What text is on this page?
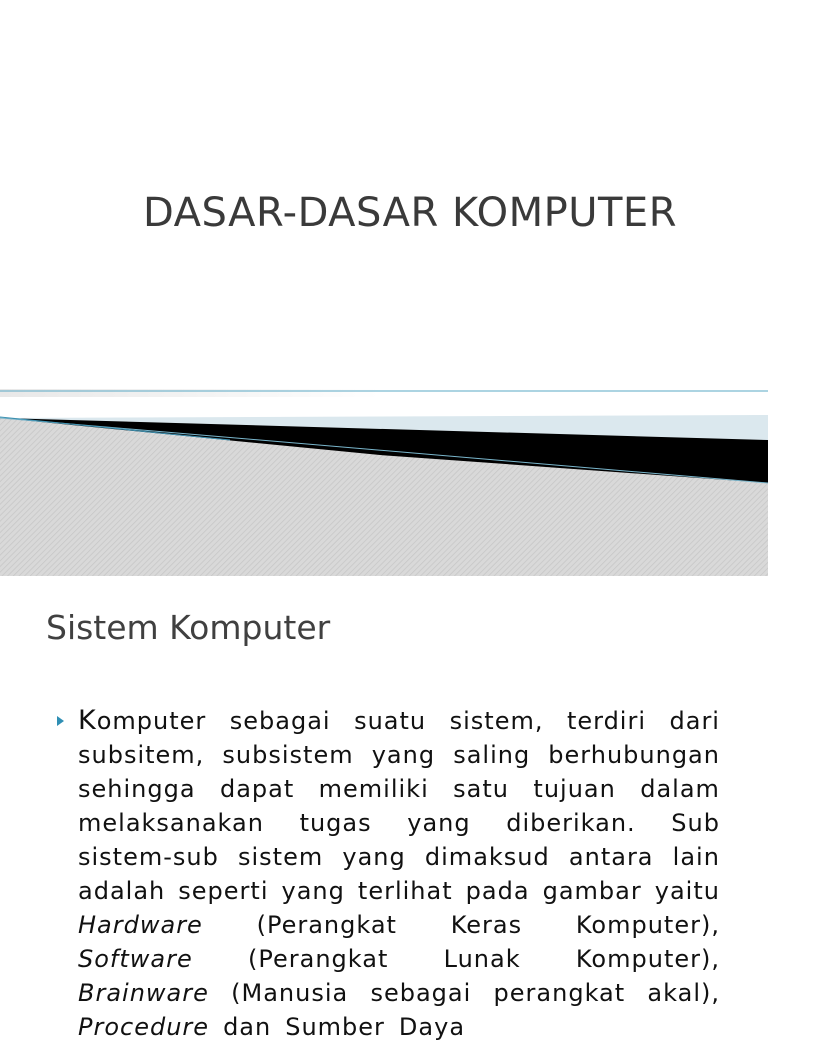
DASAR-DASAR KOMPUTER
Sistem Komputer
Komputer sebagai suatu sistem, terdiri dari
subsitem, subsistem yang saling berhubungan
sehingga dapat memiliki satu tujuan dalam
melaksanakan tugas yang diberikan. Sub
sistem-sub sistem yang dimaksud antara lain
adalah seperti yang terlihat pada gambar yaitu
Hardware (Perangkat Keras Komputer),
Software (Perangkat Lunak Komputer),
Brainware (Manusia sebagai perangkat akal),
Procedure dan Sumber Daya
